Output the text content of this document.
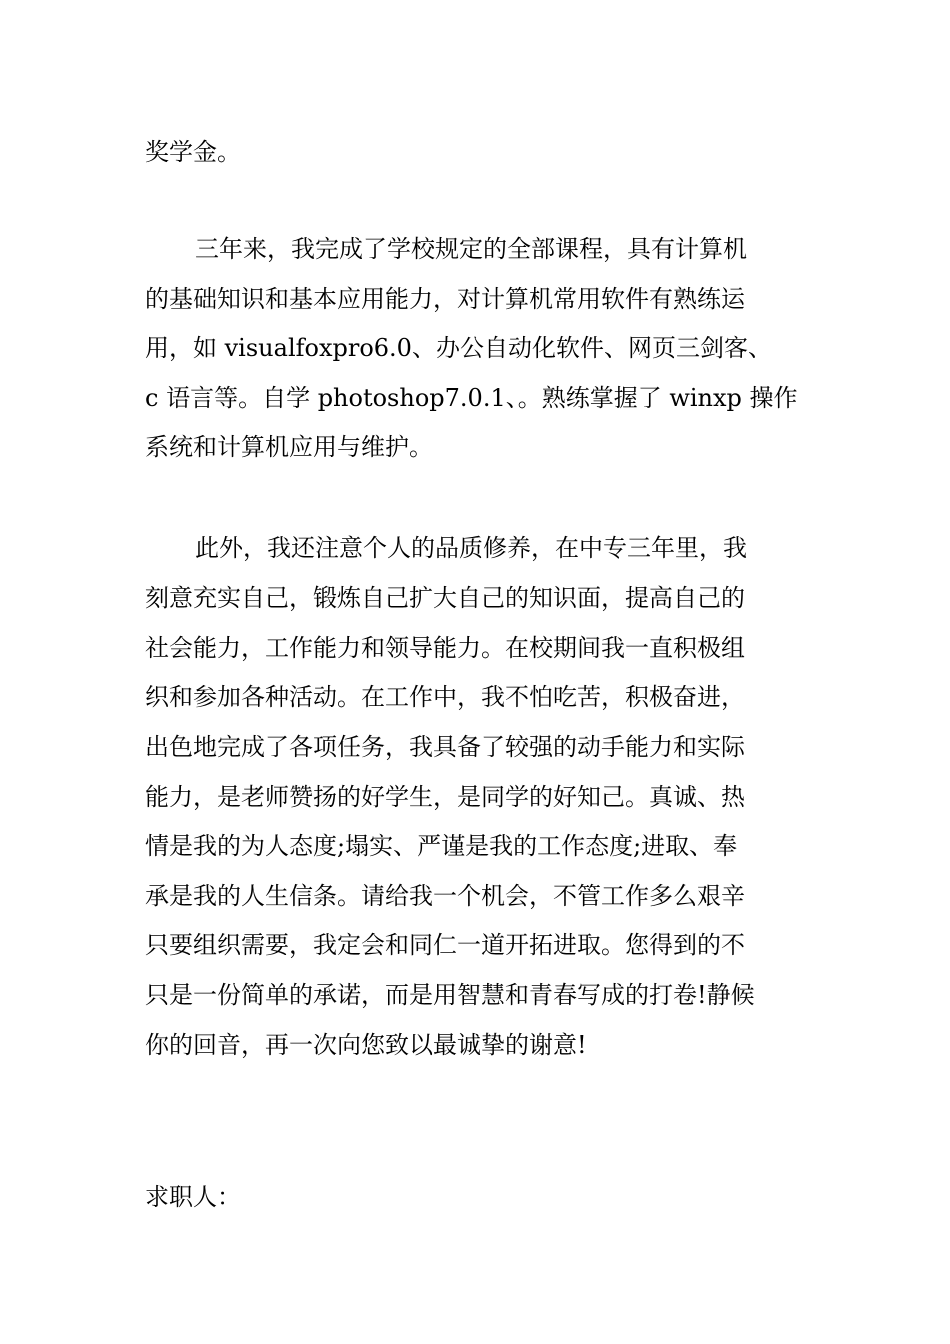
奖学金。
三年来，我完成了学校规定的全部课程，具有计算机
的基础知识和基本应用能力，对计算机常用软件有熟练运
用，如 visualfoxpro6.0、办公自动化软件、网页三剑客、
c 语言等。自学 photoshop7.0.1、。熟练掌握了 winxp 操作
系统和计算机应用与维护。
此外，我还注意个人的品质修养，在中专三年里，我
刻意充实自己，锻炼自己扩大自己的知识面，提高自己的
社会能力，工作能力和领导能力。在校期间我一直积极组
织和参加各种活动。在工作中，我不怕吃苦，积极奋进，
出色地完成了各项任务，我具备了较强的动手能力和实际
能力，是老师赞扬的好学生，是同学的好知己。真诚、热
情是我的为人态度;塌实、严谨是我的工作态度;进取、奉
承是我的人生信条。请给我一个机会，不管工作多么艰辛
只要组织需要，我定会和同仁一道开拓进取。您得到的不
只是一份简单的承诺，而是用智慧和青春写成的打卷!静候
你的回音，再一次向您致以最诚挚的谢意!
求职人：
